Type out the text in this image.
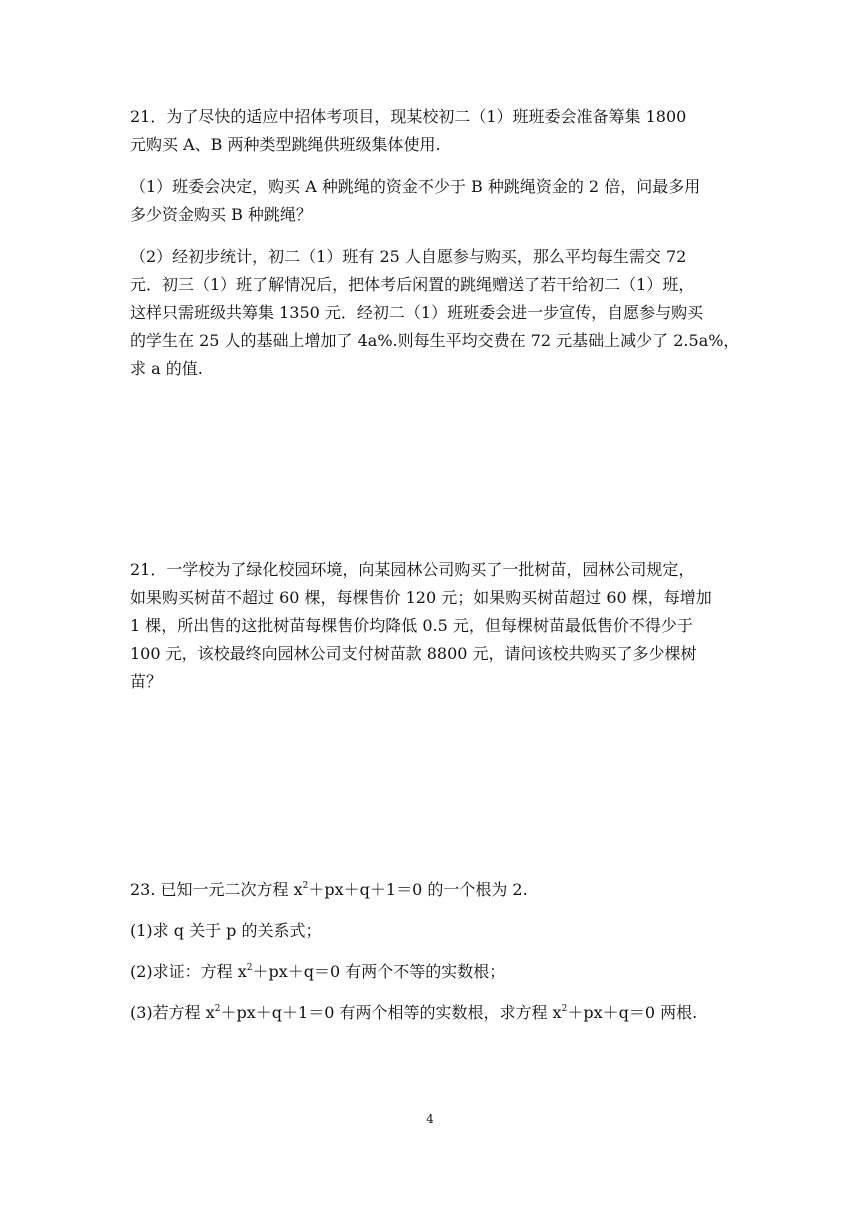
21．为了尽快的适应中招体考项目，现某校初二（1）班班委会准备筹集 1800
元购买 A、B 两种类型跳绳供班级集体使用.
（1）班委会决定，购买 A 种跳绳的资金不少于 B 种跳绳资金的 2 倍，问最多用
多少资金购买 B 种跳绳？
（2）经初步统计，初二（1）班有 25 人自愿参与购买，那么平均每生需交 72
元．初三（1）班了解情况后，把体考后闲置的跳绳赠送了若干给初二（1）班，
这样只需班级共筹集 1350 元．经初二（1）班班委会进一步宣传，自愿参与购买
的学生在 25 人的基础上增加了 4a%.则每生平均交费在 72 元基础上减少了 2.5a%，
求 a 的值.
21．一学校为了绿化校园环境，向某园林公司购买了一批树苗，园林公司规定，
如果购买树苗不超过 60 棵，每棵售价 120 元；如果购买树苗超过 60 棵，每增加
1 棵，所出售的这批树苗每棵售价均降低 0.5 元，但每棵树苗最低售价不得少于
100 元，该校最终向园林公司支付树苗款 8800 元，请问该校共购买了多少棵树
苗？
23. 已知一元二次方程 $x^2+px+q+1=0$ 的一个根为 2.
(1)求 q 关于 p 的关系式；
(2)求证：方程 $x^2+px+q=0$ 有两个不等的实数根；
(3)若方程 $x^2+px+q+1=0$ 有两个相等的实数根，求方程 $x^2+px+q=0$ 两根.
4
